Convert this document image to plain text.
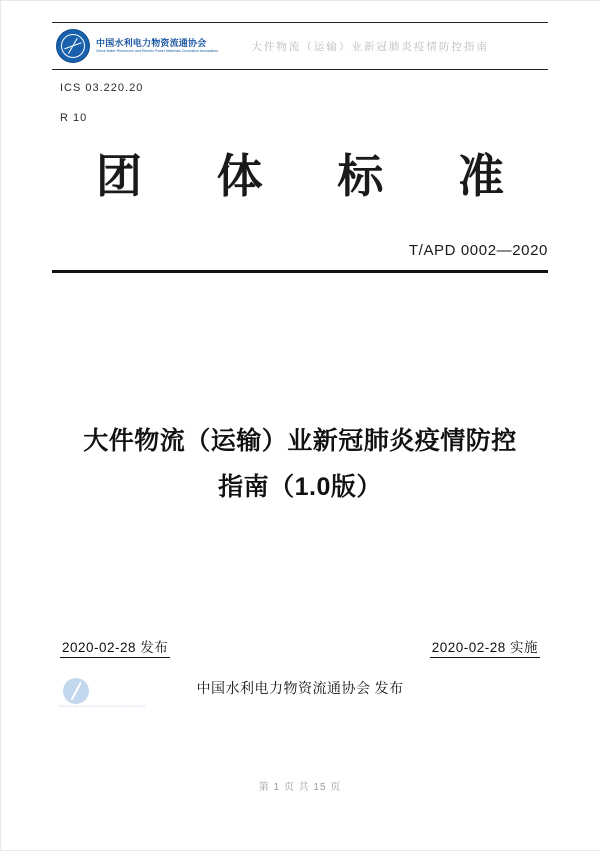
中国水利电力物资流通协会
China Water Resources and Electric Power Materials Circulation Association	大件物流（运输）业新冠肺炎疫情防控指南
ICS 03.220.20
R 10
团 体 标 准
T/APD 0002—2020
大件物流（运输）业新冠肺炎疫情防控
指南（1.0版）
2020-02-28 发布	2020-02-28 实施
China Water Resources and Electric Power Materials Circulation Association
中国水利电力物资流通协会 发布
第 1 页 共 15 页
